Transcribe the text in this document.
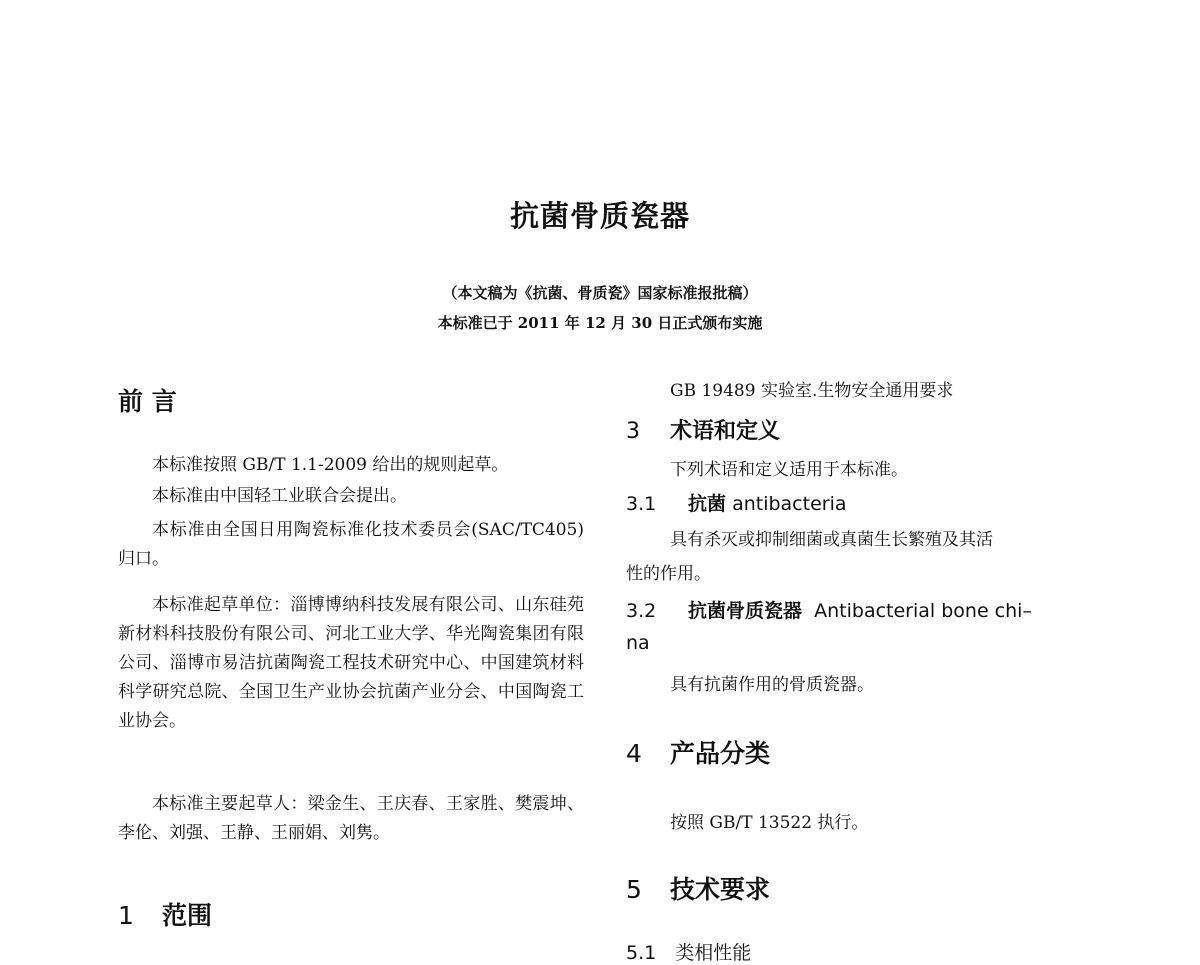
抗菌骨质瓷器
（本文稿为《抗菌、骨质瓷》国家标准报批稿）
本标准已于 2011 年 12 月 30 日正式颁布实施
前 言
本标准按照 GB/T 1.1-2009 给出的规则起草。
本标准由中国轻工业联合会提出。
本标准由全国日用陶瓷标准化技术委员会(SAC/TC405)归口。
本标准起草单位：淄博博纳科技发展有限公司、山东硅苑新材料科技股份有限公司、河北工业大学、华光陶瓷集团有限公司、淄博市易洁抗菌陶瓷工程技术研究中心、中国建筑材料科学研究总院、全国卫生产业协会抗菌产业分会、中国陶瓷工业协会。
本标准主要起草人：梁金生、王庆春、王家胜、樊震坤、李伦、刘强、王静、王丽娟、刘隽。
1 范围
GB 19489 实验室.生物安全通用要求
3 术语和定义
下列术语和定义适用于本标准。
3.1 抗菌 antibacteria
具有杀灭或抑制细菌或真菌生长繁殖及其活
性的作用。
3.2 抗菌骨质瓷器 Antibacterial bone chi–
na
具有抗菌作用的骨质瓷器。
4 产品分类
按照 GB/T 13522 执行。
5 技术要求
5.1　类相性能
